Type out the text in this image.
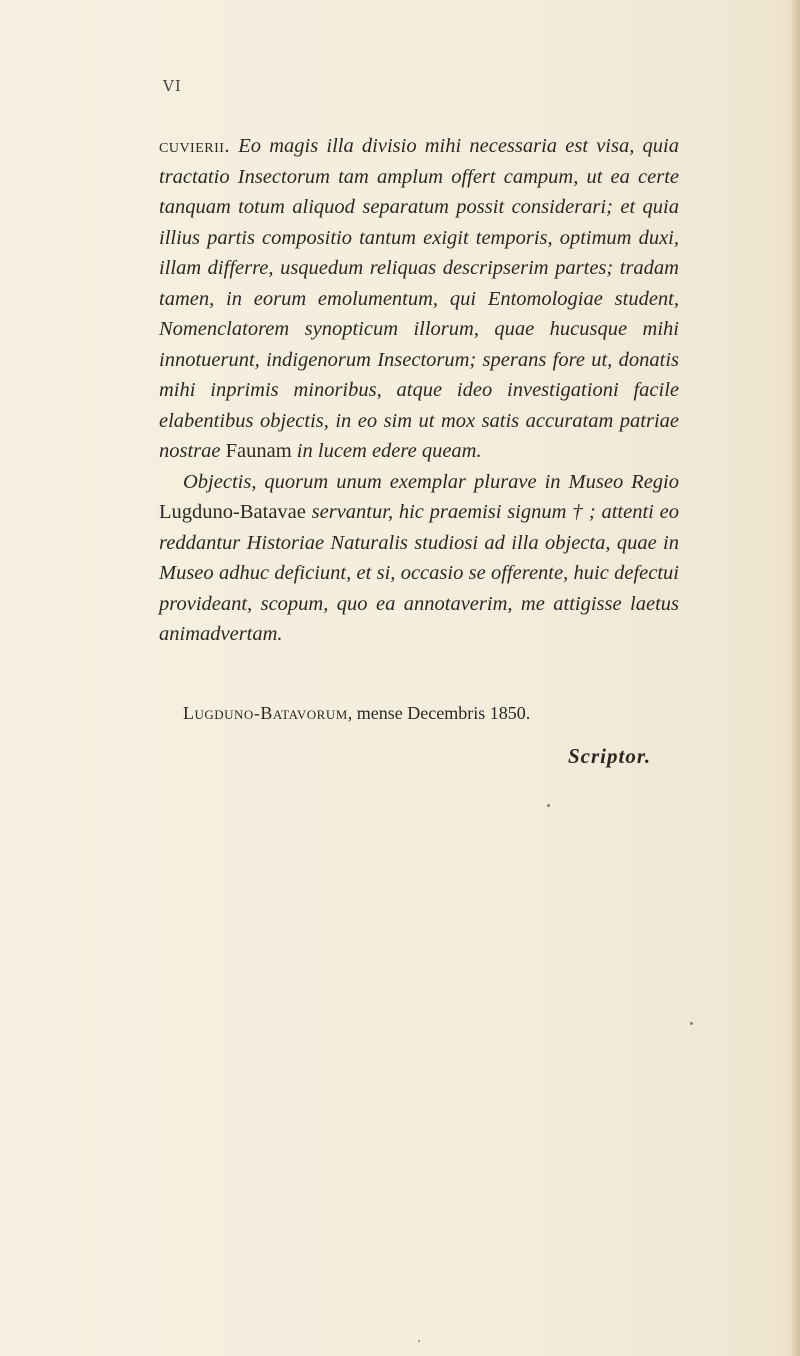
VI

cuvierii. Eo magis illa divisio mihi necessaria est visa, quia tractatio Insectorum tam amplum offert campum, ut ea certe tanquam totum aliquod separatum possit considerari; et quia illius partis compositio tantum exigit temporis, optimum duxi, illam differre, usquedum reliquas descripserim partes; tradam tamen, in eorum emolumentum, qui Entomologiae student, Nomenclatorem synopticum illorum, quae hucusque mihi innotuerunt, indigenorum Insectorum; sperans fore ut, donatis mihi inprimis minoribus, atque ideo investigationi facile elabentibus objectis, in eo sim ut mox satis accuratam patriae nostrae Faunam in lucem edere queam.

Objectis, quorum unum exemplar plurave in Museo Regio Lugduno-Batavae servantur, hic praemisi signum † ; attenti eo reddantur Historiae Naturalis studiosi ad illa objecta, quae in Museo adhuc deficiunt, et si, occasio se offerente, huic defectui provideant, scopum, quo ea annotaverim, me attigisse laetus animadvertam.

Lugduno-Batavorum, mense Decembris 1850.
Scriptor.
